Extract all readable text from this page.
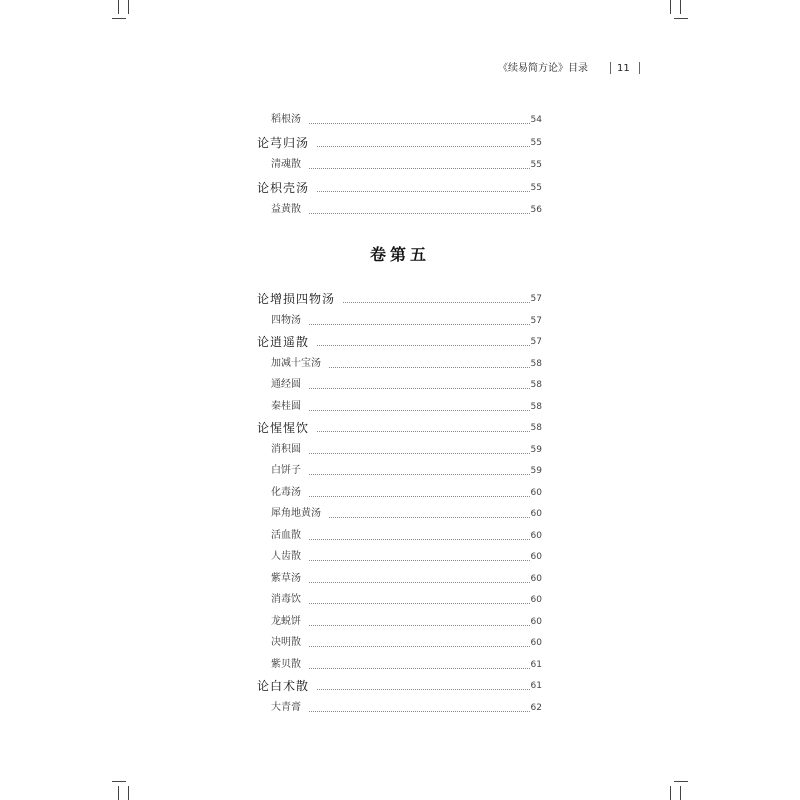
《续易简方论》目录	11
稻根汤	54
论芎归汤	55
清魂散	55
论枳壳汤	55
益黄散	56
卷第五
论增损四物汤	57
四物汤	57
论逍遥散	57
加减十宝汤	58
通经圆	58
秦桂圆	58
论惺惺饮	58
消积圆	59
白饼子	59
化毒汤	60
犀角地黄汤	60
活血散	60
人齿散	60
紫草汤	60
消毒饮	60
龙蜕饼	60
决明散	60
紫贝散	61
论白术散	61
大青膏	62
